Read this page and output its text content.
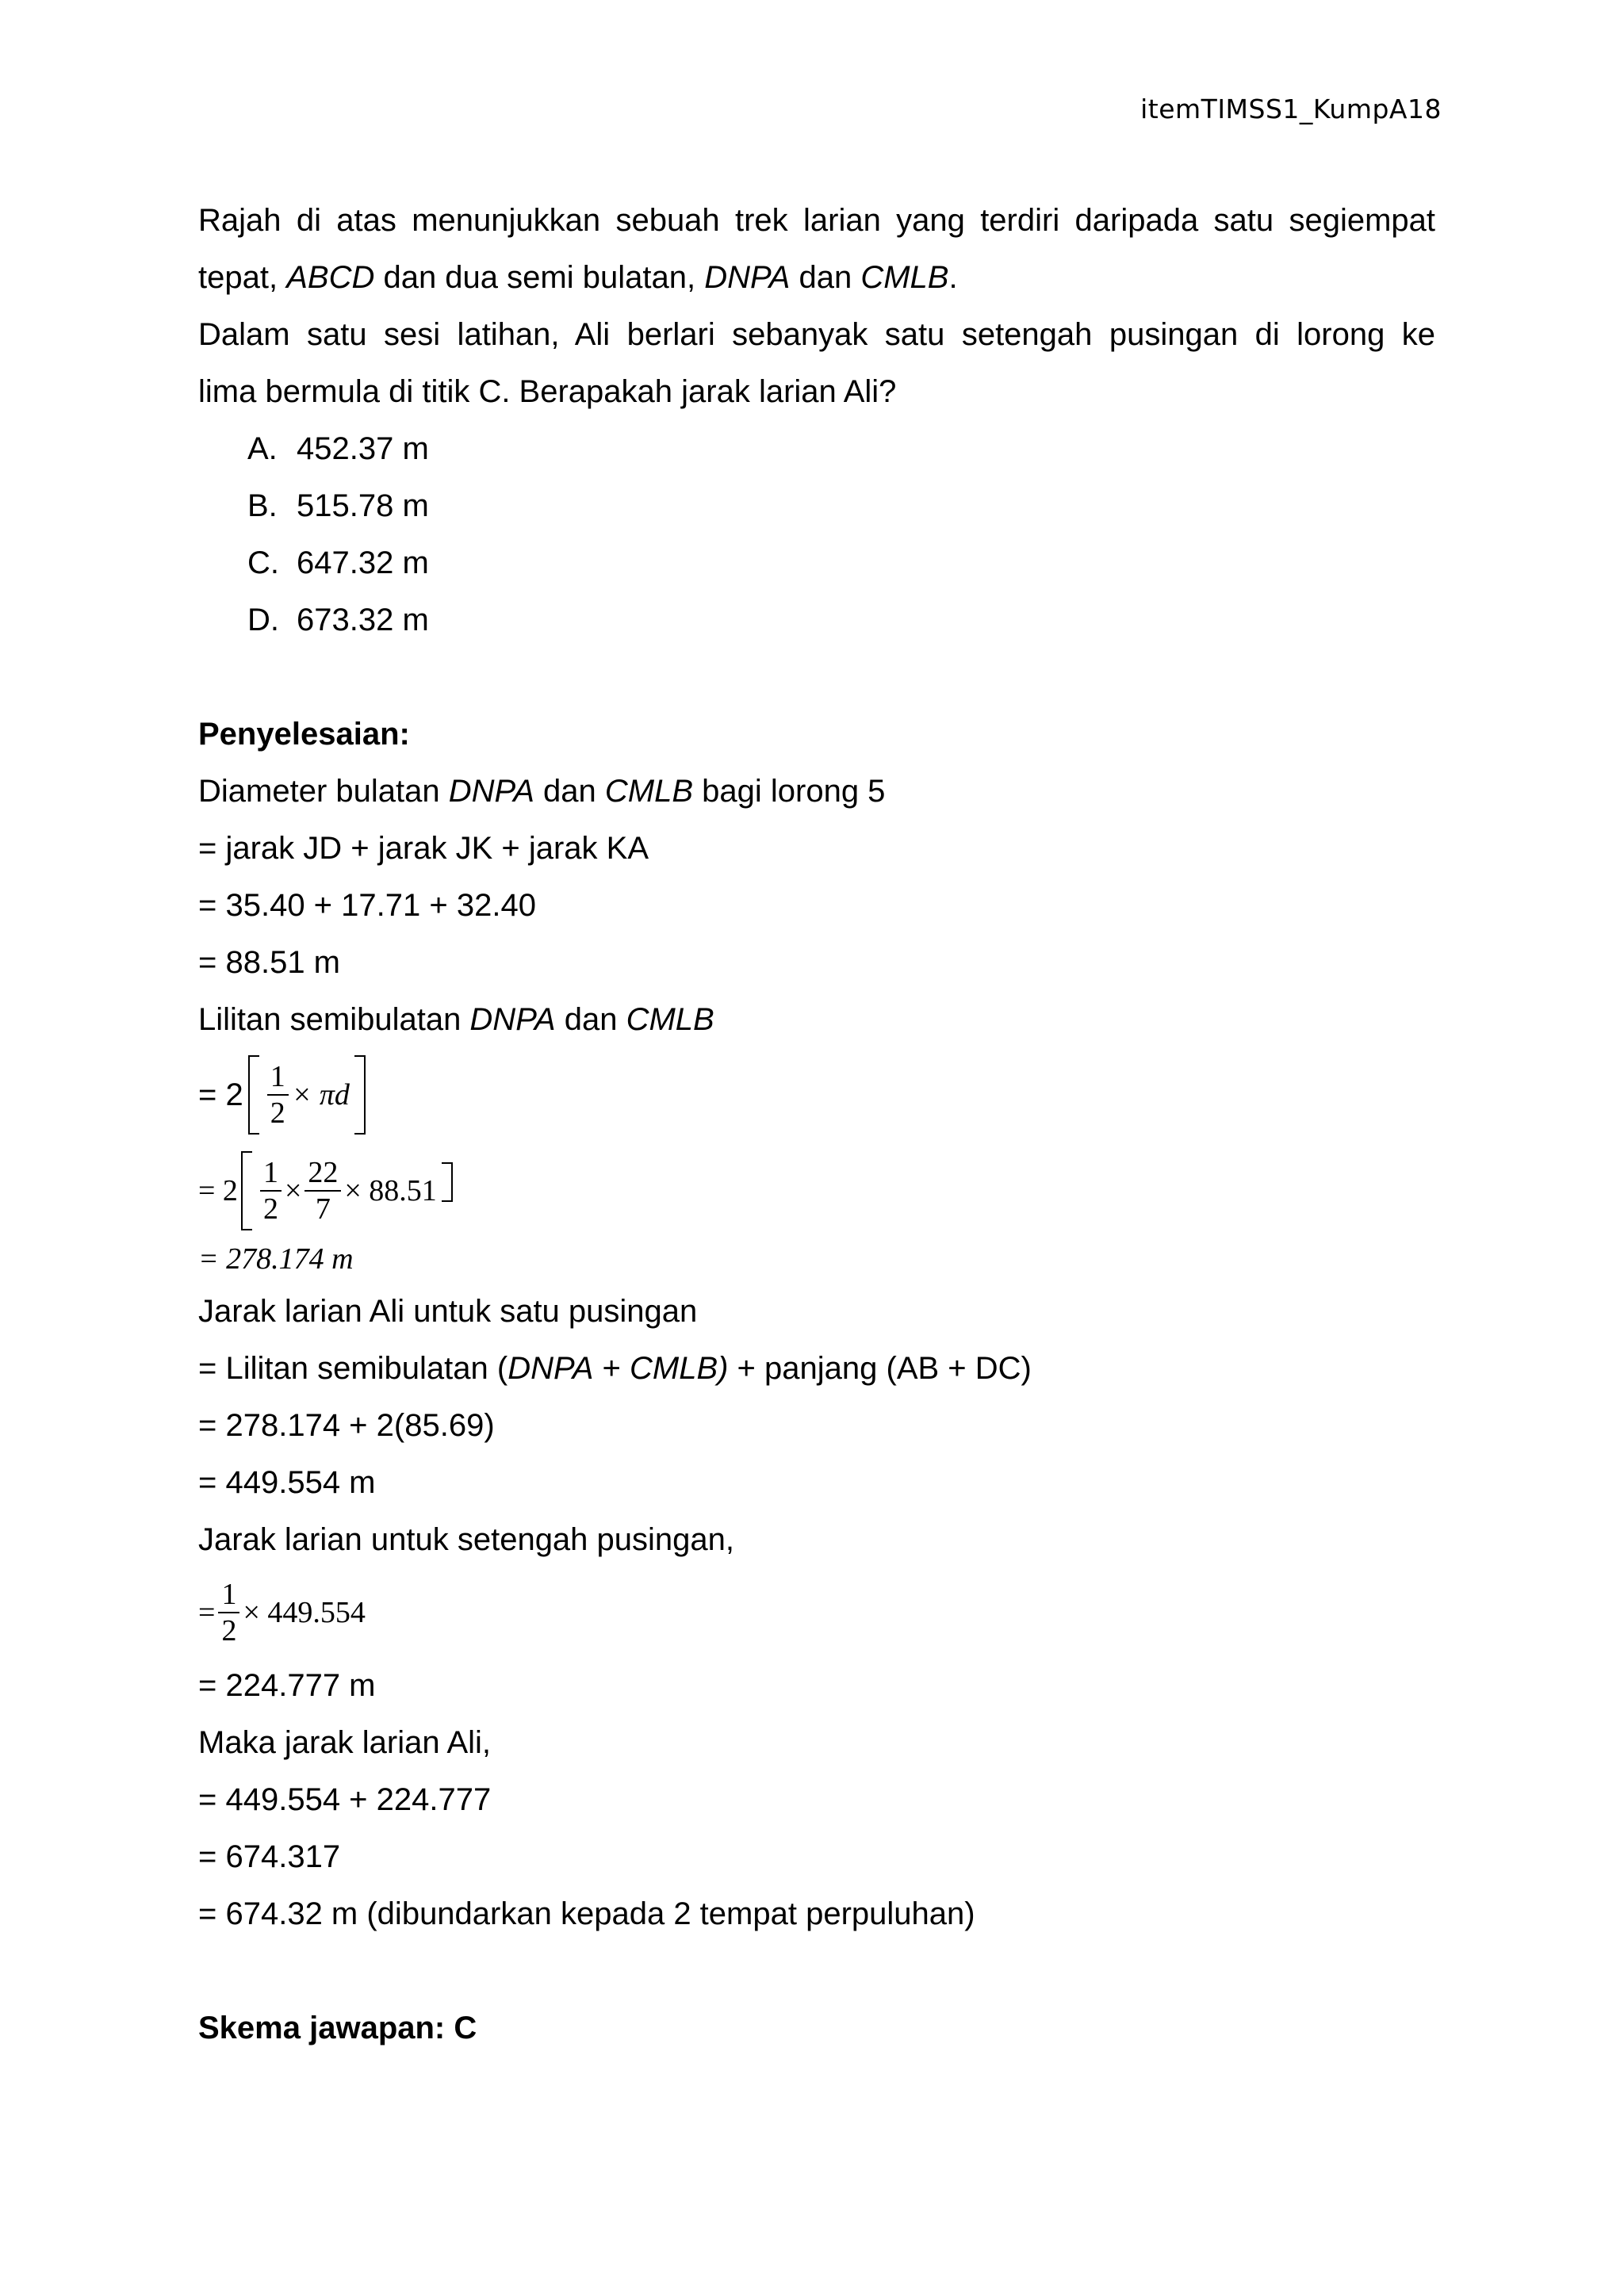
itemTIMSS1_KumpA18
Rajah di atas menunjukkan sebuah trek larian yang terdiri daripada satu segiempat
tepat, ABCD dan dua semi bulatan, DNPA dan CMLB.
Dalam satu sesi latihan, Ali berlari sebanyak satu setengah pusingan di lorong ke
lima bermula di titik C. Berapakah jarak larian Ali?
A. 452.37 m
B. 515.78 m
C. 647.32 m
D. 673.32 m
Penyelesaian:
Diameter bulatan DNPA dan CMLB bagi lorong 5
= jarak JD + jarak JK + jarak KA
= 35.40 + 17.71 + 32.40
= 88.51 m
Lilitan semibulatan DNPA dan CMLB
= $2 \frac{1}{2} \times \pi d$
= $2 \frac{1}{2} \times \frac{22}{7} \times 88.51$
= 278.174 m
Jarak larian Ali untuk satu pusingan
= Lilitan semibulatan (DNPA + CMLB) + panjang (AB + DC)
= 278.174 + 2(85.69)
= 449.554 m
Jarak larian untuk setengah pusingan,
= $\frac{1}{2} \times 449.554$
= 224.777 m
Maka jarak larian Ali,
= 449.554 + 224.777
= 674.317
= 674.32 m (dibundarkan kepada 2 tempat perpuluhan)
Skema jawapan: C
